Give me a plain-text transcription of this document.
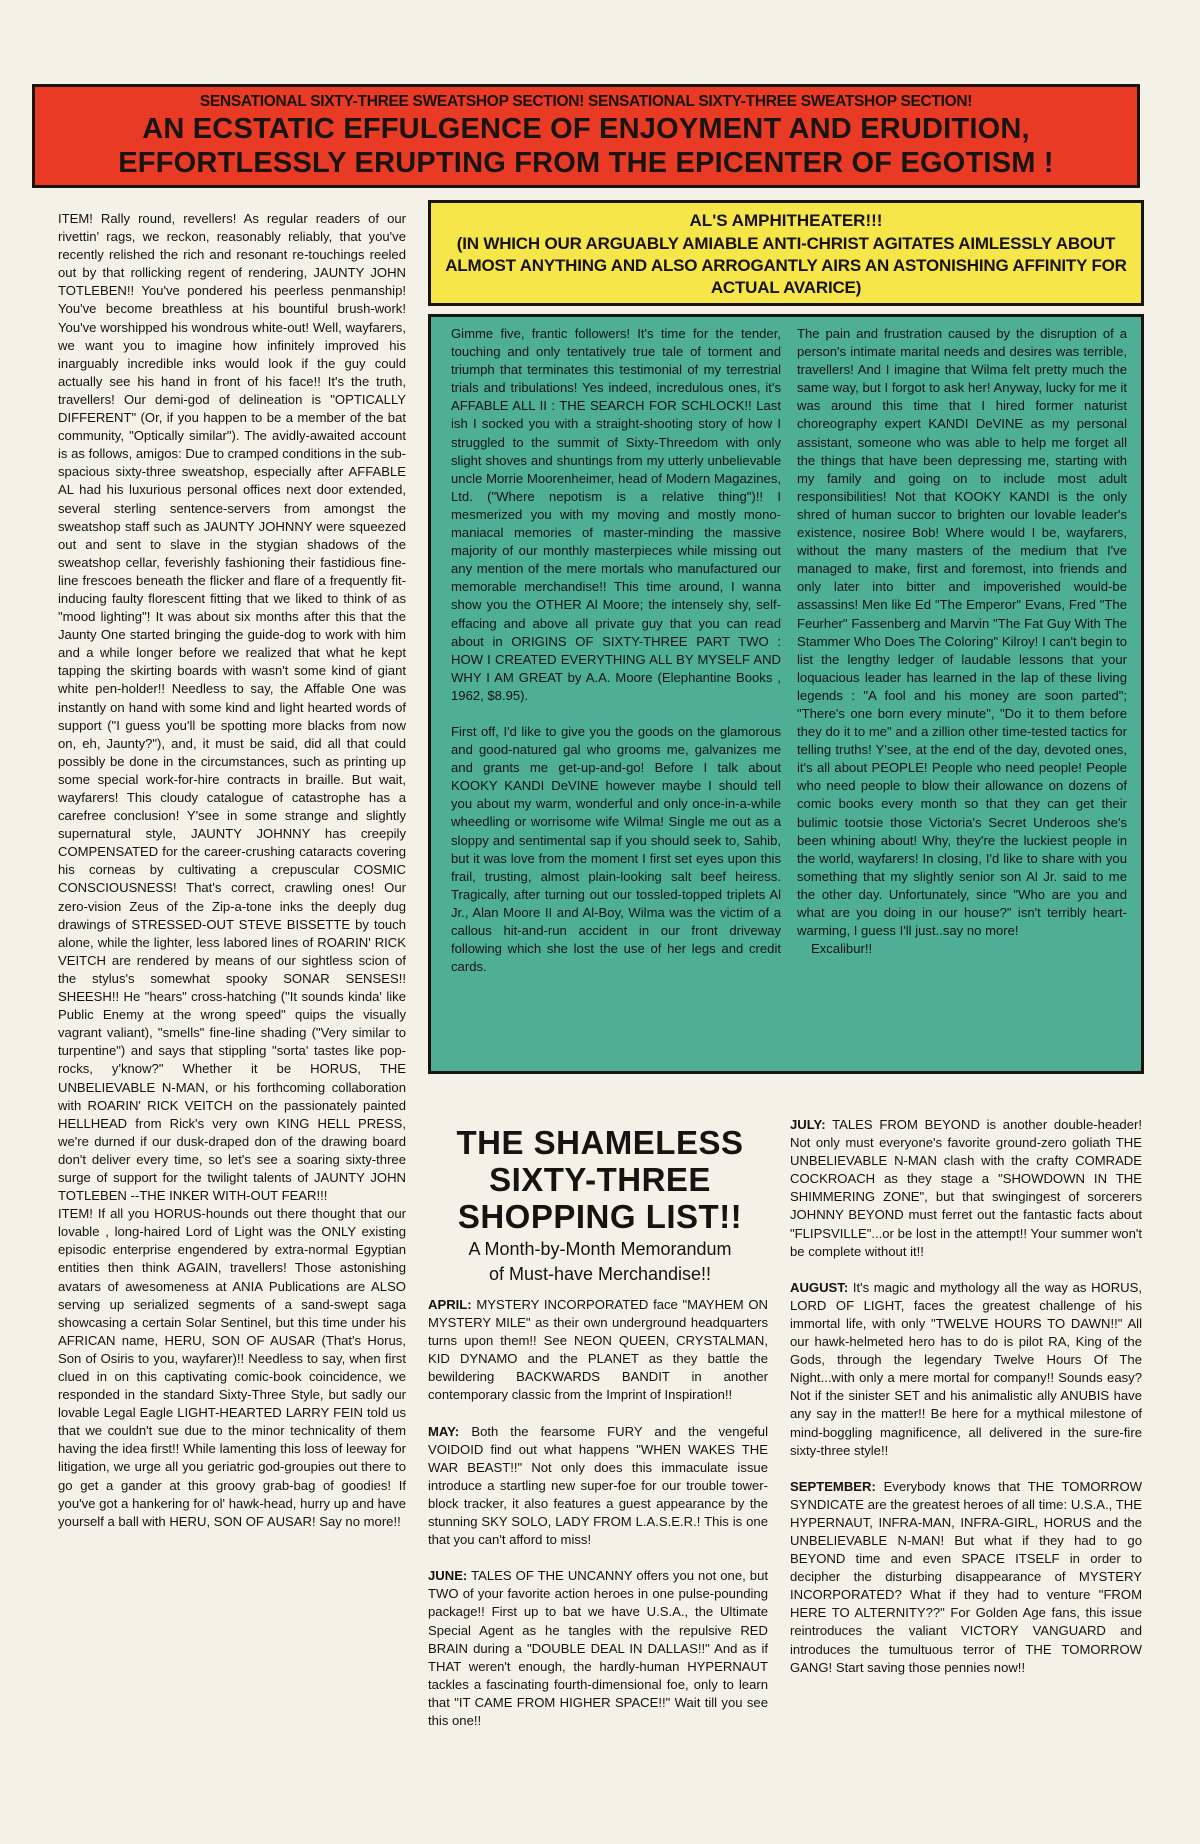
SENSATIONAL SIXTY-THREE SWEATSHOP SECTION! SENSATIONAL SIXTY-THREE SWEATSHOP SECTION!
AN ECSTATIC EFFULGENCE OF ENJOYMENT AND ERUDITION,
EFFORTLESSLY ERUPTING FROM THE EPICENTER OF EGOTISM !

ITEM! Rally round, revellers! As regular readers of our rivettin' rags, we reckon, reasonably reliably, that you've recently relished the rich and resonant re-touchings reeled out by that rollicking regent of rendering, JAUNTY JOHN TOTLEBEN!! You've pondered his peerless penmanship! You've become breathless at his bountiful brush-work! You've worshipped his wondrous white-out! Well, wayfarers, we want you to imagine how infinitely improved his inarguably incredible inks would look if the guy could actually see his hand in front of his face!! It's the truth, travellers! Our demi-god of delineation is "OPTICALLY DIFFERENT" (Or, if you happen to be a member of the bat community, "Optically similar"). The avidly-awaited account is as follows, amigos: Due to cramped conditions in the sub-spacious sixty-three sweatshop, especially after AFFABLE AL had his luxurious personal offices next door extended, several sterling sentence-servers from amongst the sweatshop staff such as JAUNTY JOHNNY were squeezed out and sent to slave in the stygian shadows of the sweatshop cellar, feverishly fashioning their fastidious fine-line frescoes beneath the flicker and flare of a frequently fit-inducing faulty florescent fitting that we liked to think of as "mood lighting"! It was about six months after this that the Jaunty One started bringing the guide-dog to work with him and a while longer before we realized that what he kept tapping the skirting boards with wasn't some kind of giant white pen-holder!! Needless to say, the Affable One was instantly on hand with some kind and light hearted words of support ("I guess you'll be spotting more blacks from now on, eh, Jaunty?"), and, it must be said, did all that could possibly be done in the circumstances, such as printing up some special work-for-hire contracts in braille. But wait, wayfarers! This cloudy catalogue of catastrophe has a carefree conclusion! Y'see in some strange and slightly supernatural style, JAUNTY JOHNNY has creepily COMPENSATED for the career-crushing cataracts covering his corneas by cultivating a crepuscular COSMIC CONSCIOUSNESS! That's correct, crawling ones! Our zero-vision Zeus of the Zip-a-tone inks the deeply dug drawings of STRESSED-OUT STEVE BISSETTE by touch alone, while the lighter, less labored lines of ROARIN' RICK VEITCH are rendered by means of our sightless scion of the stylus's somewhat spooky SONAR SENSES!! SHEESH!! He "hears" cross-hatching ("It sounds kinda' like Public Enemy at the wrong speed" quips the visually vagrant valiant), "smells" fine-line shading ("Very similar to turpentine") and says that stippling "sorta' tastes like pop-rocks, y'know?" Whether it be HORUS, THE UNBELIEVABLE N-MAN, or his forthcoming collaboration with ROARIN' RICK VEITCH on the passionately painted HELLHEAD from Rick's very own KING HELL PRESS, we're durned if our dusk-draped don of the drawing board don't deliver every time, so let's see a soaring sixty-three surge of support for the twilight talents of JAUNTY JOHN TOTLEBEN --THE INKER WITH-OUT FEAR!!!

ITEM! If all you HORUS-hounds out there thought that our lovable , long-haired Lord of Light was the ONLY existing episodic enterprise engendered by extra-normal Egyptian entities then think AGAIN, travellers! Those astonishing avatars of awesomeness at ANIA Publications are ALSO serving up serialized segments of a sand-swept saga showcasing a certain Solar Sentinel, but this time under his AFRICAN name, HERU, SON OF AUSAR (That's Horus, Son of Osiris to you, wayfarer)!! Needless to say, when first clued in on this captivating comic-book coincidence, we responded in the standard Sixty-Three Style, but sadly our lovable Legal Eagle LIGHT-HEARTED LARRY FEIN told us that we couldn't sue due to the minor technicality of them having the idea first!! While lamenting this loss of leeway for litigation, we urge all you geriatric god-groupies out there to go get a gander at this groovy grab-bag of goodies! If you've got a hankering for ol' hawk-head, hurry up and have yourself a ball with HERU, SON OF AUSAR! Say no more!!

AL'S AMPHITHEATER!!!
(IN WHICH OUR ARGUABLY AMIABLE ANTI-CHRIST AGITATES AIMLESSLY ABOUT ALMOST ANYTHING AND ALSO ARROGANTLY AIRS AN ASTONISHING AFFINITY FOR ACTUAL AVARICE)

Gimme five, frantic followers! It's time for the tender, touching and only tentatively true tale of torment and triumph that terminates this testimonial of my terrestrial trials and tribulations! Yes indeed, incredulous ones, it's AFFABLE ALL II : THE SEARCH FOR SCHLOCK!! Last ish I socked you with a straight-shooting story of how I struggled to the summit of Sixty-Threedom with only slight shoves and shuntings from my utterly unbelievable uncle Morrie Moorenheimer, head of Modern Magazines, Ltd. ("Where nepotism is a relative thing")!! I mesmerized you with my moving and mostly mono-maniacal memories of master-minding the massive majority of our monthly masterpieces while missing out any mention of the mere mortals who manufactured our memorable merchandise!! This time around, I wanna show you the OTHER Al Moore; the intensely shy, self-effacing and above all private guy that you can read about in ORIGINS OF SIXTY-THREE PART TWO : HOW I CREATED EVERYTHING ALL BY MYSELF AND WHY I AM GREAT by A.A. Moore (Elephantine Books , 1962, $8.95).

First off, I'd like to give you the goods on the glamorous and good-natured gal who grooms me, galvanizes me and grants me get-up-and-go! Before I talk about KOOKY KANDI DeVINE however maybe I should tell you about my warm, wonderful and only once-in-a-while wheedling or worrisome wife Wilma! Single me out as a sloppy and sentimental sap if you should seek to, Sahib, but it was love from the moment I first set eyes upon this frail, trusting, almost plain-looking salt beef heiress. Tragically, after turning out our tossled-topped triplets Al Jr., Alan Moore II and Al-Boy, Wilma was the victim of a callous hit-and-run accident in our front driveway following which she lost the use of her legs and credit cards.

The pain and frustration caused by the disruption of a person's intimate marital needs and desires was terrible, travellers! And I imagine that Wilma felt pretty much the same way, but I forgot to ask her! Anyway, lucky for me it was around this time that I hired former naturist choreography expert KANDI DeVINE as my personal assistant, someone who was able to help me forget all the things that have been depressing me, starting with my family and going on to include most adult responsibilities! Not that KOOKY KANDI is the only shred of human succor to brighten our lovable leader's existence, nosiree Bob! Where would I be, wayfarers, without the many masters of the medium that I've managed to make, first and foremost, into friends and only later into bitter and impoverished would-be assassins! Men like Ed "The Emperor" Evans, Fred "The Feurher" Fassenberg and Marvin "The Fat Guy With The Stammer Who Does The Coloring" Kilroy! I can't begin to list the lengthy ledger of laudable lessons that your loquacious leader has learned in the lap of these living legends : "A fool and his money are soon parted"; "There's one born every minute", "Do it to them before they do it to me" and a zillion other time-tested tactics for telling truths! Y'see, at the end of the day, devoted ones, it's all about PEOPLE! People who need people! People who need people to blow their allowance on dozens of comic books every month so that they can get their bulimic tootsie those Victoria's Secret Underoos she's been whining about! Why, they're the luckiest people in the world, wayfarers! In closing, I'd like to share with you something that my slightly senior son Al Jr. said to me the other day. Unfortunately, since "Who are you and what are you doing in our house?" isn't terribly heart-warming, I guess I'll just..say no more!

Excalibur!!

THE SHAMELESS
SIXTY-THREE
SHOPPING LIST!!
A Month-by-Month Memorandum
of Must-have Merchandise!!

APRIL: MYSTERY INCORPORATED face "MAYHEM ON MYSTERY MILE" as their own underground headquarters turns upon them!! See NEON QUEEN, CRYSTALMAN, KID DYNAMO and the PLANET as they battle the bewildering BACKWARDS BANDIT in another contemporary classic from the Imprint of Inspiration!!

MAY: Both the fearsome FURY and the vengeful VOIDOID find out what happens "WHEN WAKES THE WAR BEAST!!" Not only does this immaculate issue introduce a startling new super-foe for our trouble tower-block tracker, it also features a guest appearance by the stunning SKY SOLO, LADY FROM L.A.S.E.R.! This is one that you can't afford to miss!

JUNE: TALES OF THE UNCANNY offers you not one, but TWO of your favorite action heroes in one pulse-pounding package!! First up to bat we have U.S.A., the Ultimate Special Agent as he tangles with the repulsive RED BRAIN during a "DOUBLE DEAL IN DALLAS!!" And as if THAT weren't enough, the hardly-human HYPERNAUT tackles a fascinating fourth-dimensional foe, only to learn that "IT CAME FROM HIGHER SPACE!!" Wait till you see this one!!

JULY: TALES FROM BEYOND is another double-header! Not only must everyone's favorite ground-zero goliath THE UNBELIEVABLE N-MAN clash with the crafty COMRADE COCKROACH as they stage a "SHOWDOWN IN THE SHIMMERING ZONE", but that swingingest of sorcerers JOHNNY BEYOND must ferret out the fantastic facts about "FLIPSVILLE"...or be lost in the attempt!! Your summer won't be complete without it!!

AUGUST: It's magic and mythology all the way as HORUS, LORD OF LIGHT, faces the greatest challenge of his immortal life, with only "TWELVE HOURS TO DAWN!!" All our hawk-helmeted hero has to do is pilot RA, King of the Gods, through the legendary Twelve Hours Of The Night...with only a mere mortal for company!! Sounds easy? Not if the sinister SET and his animalistic ally ANUBIS have any say in the matter!! Be here for a mythical milestone of mind-boggling magnificence, all delivered in the sure-fire sixty-three style!!

SEPTEMBER: Everybody knows that THE TOMORROW SYNDICATE are the greatest heroes of all time: U.S.A., THE HYPERNAUT, INFRA-MAN, INFRA-GIRL, HORUS and the UNBELIEVABLE N-MAN! But what if they had to go BEYOND time and even SPACE ITSELF in order to decipher the disturbing disappearance of MYSTERY INCORPORATED? What if they had to venture "FROM HERE TO ALTERNITY??" For Golden Age fans, this issue reintroduces the valiant VICTORY VANGUARD and introduces the tumultuous terror of THE TOMORROW GANG! Start saving those pennies now!!
